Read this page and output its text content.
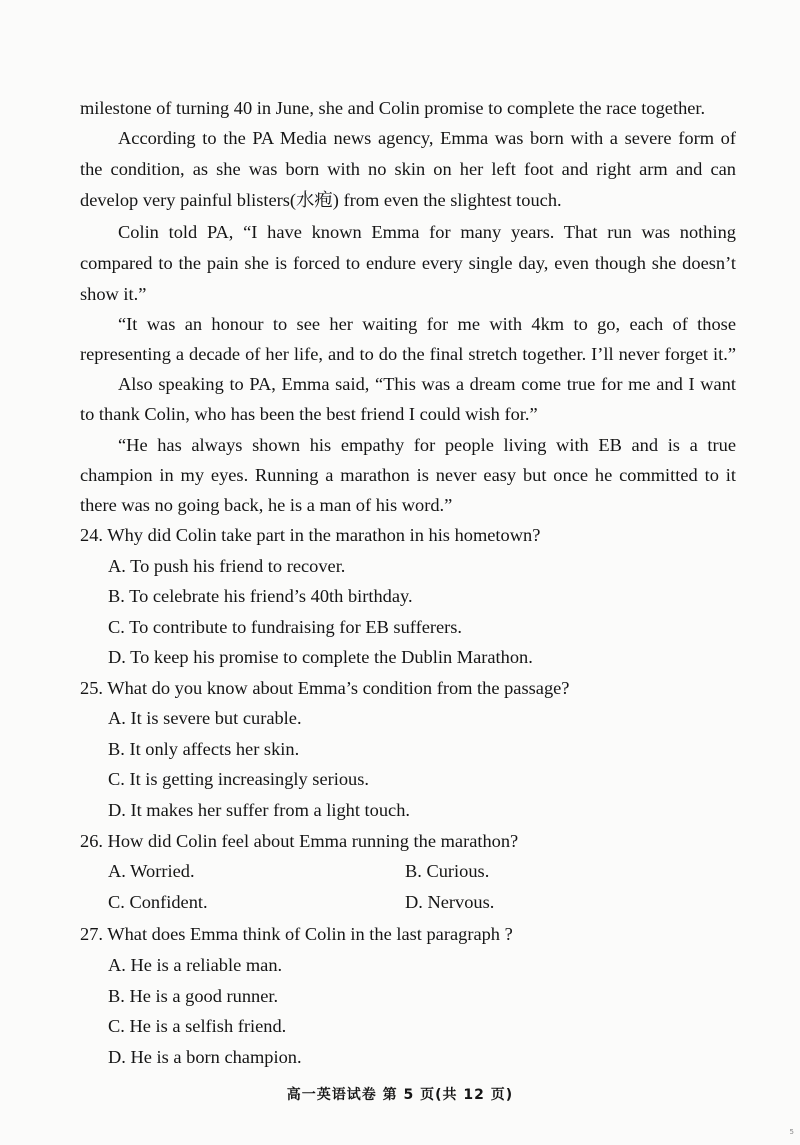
milestone of turning 40 in June, she and Colin promise to complete the race together.
According to the PA Media news agency, Emma was born with a severe form of
the condition, as she was born with no skin on her left foot and right arm and can
develop very painful blisters(水疱) from even the slightest touch.
Colin told PA, “I have known Emma for many years. That run was nothing
compared to the pain she is forced to endure every single day, even though she doesn’t
show it.”
“It was an honour to see her waiting for me with 4km to go, each of those
representing a decade of her life, and to do the final stretch together. I’ll never forget it.”
Also speaking to PA, Emma said, “This was a dream come true for me and I want
to thank Colin, who has been the best friend I could wish for.”
“He has always shown his empathy for people living with EB and is a true
champion in my eyes. Running a marathon is never easy but once he committed to it
there was no going back, he is a man of his word.”
24. Why did Colin take part in the marathon in his hometown?
A. To push his friend to recover.
B. To celebrate his friend’s 40th birthday.
C. To contribute to fundraising for EB sufferers.
D. To keep his promise to complete the Dublin Marathon.
25. What do you know about Emma’s condition from the passage?
A. It is severe but curable.
B. It only affects her skin.
C. It is getting increasingly serious.
D. It makes her suffer from a light touch.
26. How did Colin feel about Emma running the marathon?
A. Worried.	B. Curious.
C. Confident.	D. Nervous.
27. What does Emma think of Colin in the last paragraph ?
A. He is a reliable man.
B. He is a good runner.
C. He is a selfish friend.
D. He is a born champion.
高一英语试卷 第 5 页(共 12 页)
5
